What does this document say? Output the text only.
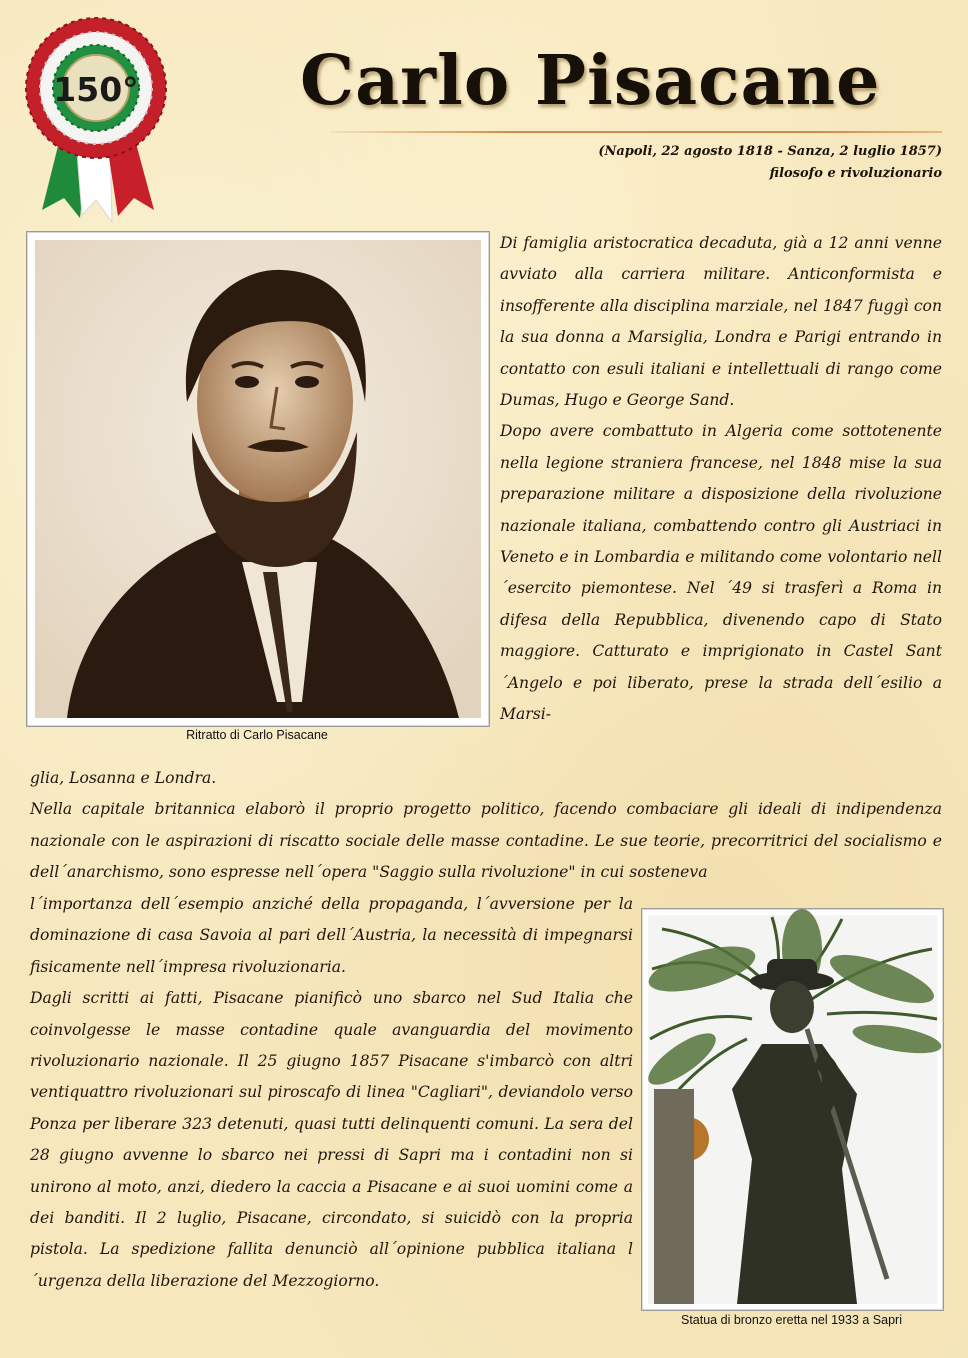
150° Carlo Pisacane
(Napoli, 22 agosto 1818 - Sanza, 2 luglio 1857)
filosofo e rivoluzionario
Ritratto di Carlo Pisacane
Statua di bronzo eretta nel 1933 a Sapri

Di famiglia aristocratica decaduta, già a 12 anni venne avviato alla carriera militare. Anticonformista e insofferente alla disciplina marziale, nel 1847 fuggì con la sua donna a Marsiglia, Londra e Parigi entrando in contatto con esuli italiani e intellettuali di rango come Dumas, Hugo e George Sand.

Dopo avere combattuto in Algeria come sottotenente nella legione straniera francese, nel 1848 mise la sua preparazione militare a disposizione della rivoluzione nazionale italiana, combattendo contro gli Austriaci in Veneto e in Lombardia e militando come volontario nell´esercito piemontese. Nel ´49 si trasferì a Roma in difesa della Repubblica, divenendo capo di Stato maggiore. Catturato e imprigionato in Castel Sant´Angelo e poi liberato, prese la strada dell´esilio a Marsi-

glia, Losanna e Londra.

Nella capitale britannica elaborò il proprio progetto politico, facendo combaciare gli ideali di indipendenza nazionale con le aspirazioni di riscatto sociale delle masse contadine. Le sue teorie, precorritrici del socialismo e dell´anarchismo, sono espresse nell´opera "Saggio sulla rivoluzione" in cui sosteneva

l´importanza dell´esempio anziché della propaganda, l´avversione per la dominazione di casa Savoia al pari dell´Austria, la necessità di impegnarsi fisicamente nell´impresa rivoluzionaria.

Dagli scritti ai fatti, Pisacane pianificò uno sbarco nel Sud Italia che coinvolgesse le masse contadine quale avanguardia del movimento rivoluzionario nazionale. Il 25 giugno 1857 Pisacane s'imbarcò con altri ventiquattro rivoluzionari sul piroscafo di linea "Cagliari", deviandolo verso Ponza per liberare 323 detenuti, quasi tutti delinquenti comuni. La sera del 28 giugno avvenne lo sbarco nei pressi di Sapri ma i contadini non si unirono al moto, anzi, diedero la caccia a Pisacane e ai suoi uomini come a dei banditi. Il 2 luglio, Pisacane, circondato, si suicidò con la propria pistola. La spedizione fallita denunciò all´opinione pubblica italiana l´urgenza della liberazione del Mezzogiorno.
